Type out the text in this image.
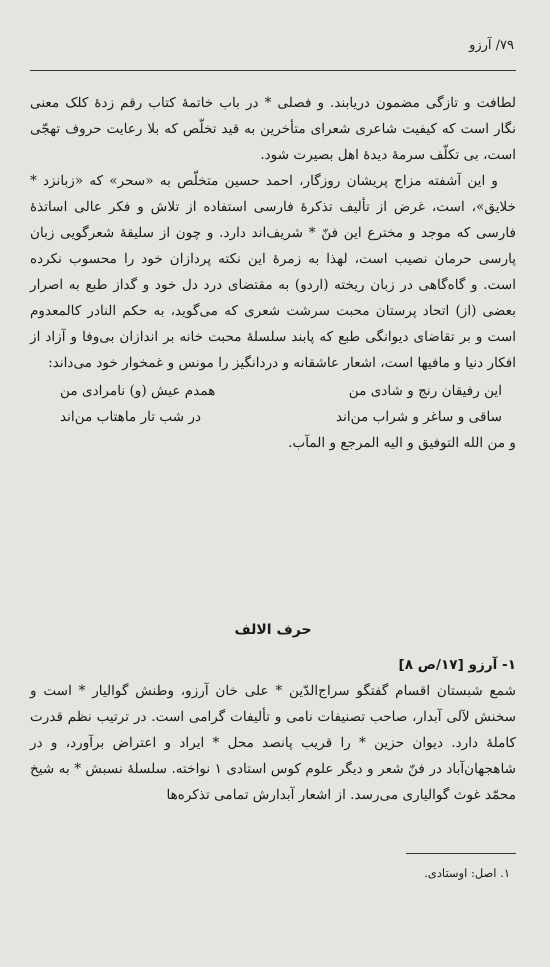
۷۹/ آرزو

لطافت و تازگی مضمون دریابند. و فصلی * در باب خاتمهٔ کتاب رقم زدهٔ کلک معنی نگار است که کیفیت شاعری شعرای متأخرین به قید تخلّص که بلا رعایت حروف تهجّی است، بی تکلّف سرمهٔ دیدهٔ اهل بصیرت شود.

و این آشفته مزاج پریشان روزگار، احمد حسین متخلّص به «سحر» که «زبانزد * خلایق»، است، غرض از تألیف تذکرهٔ فارسی استفاده از تلاش و فکر عالی اساتذهٔ فارسی که موجد و مخترع این فنّ * شریف‌اند دارد. و چون از سلیقهٔ شعرگویی زبان پارسی حرمان نصیب است، لهذا به زمرهٔ این نکته پردازان خود را محسوب نکرده است. و گاه‌گاهی در زبان ریخته (اردو) به مقتضای درد دل خود و گداز طبع به اصرار بعضی (از) اتحاد پرستان محبت سرشت شعری که می‌گوید، به حکم النادر کالمعدوم است و بر تقاضای دیوانگی طبع که پابند سلسلهٔ محبت خانه بر اندازان بی‌وفا و آزاد از افکار دنیا و مافیها است، اشعار عاشقانه و دردانگیز را مونس و غمخوار خود می‌داند:

این رفیقان رنج و شادی من
همدم عیش (و) نامرادی من
ساقی و ساغر و شراب من‌اند
در شب تار ماهتاب من‌اند

و من الله التوفیق و الیه المرجع و المآب.

حرف الالف

۱- آرزو [۱۷/ص ۸]

شمع شبستان اقسام گفتگو سراج‌الدّین * علی خان آرزو، وطنش گوالیار * است و سخنش لآلی آبدار، صاحب تصنیفات نامی و تألیفات گرامی است. در ترتیب نظم قدرت کاملهٔ دارد. دیوان حزین * را قریب پانصد محل * ایراد و اعتراض برآورد، و در شاهجهان‌آباد در فنّ شعر و دیگر علوم کوس استادی ۱ نواخته. سلسلهٔ نسبش * به شیخ محمّد غوث گوالیاری می‌رسد. از اشعار آبدارش تمامی تذکره‌ها

۱. اصل: اوستادی.
